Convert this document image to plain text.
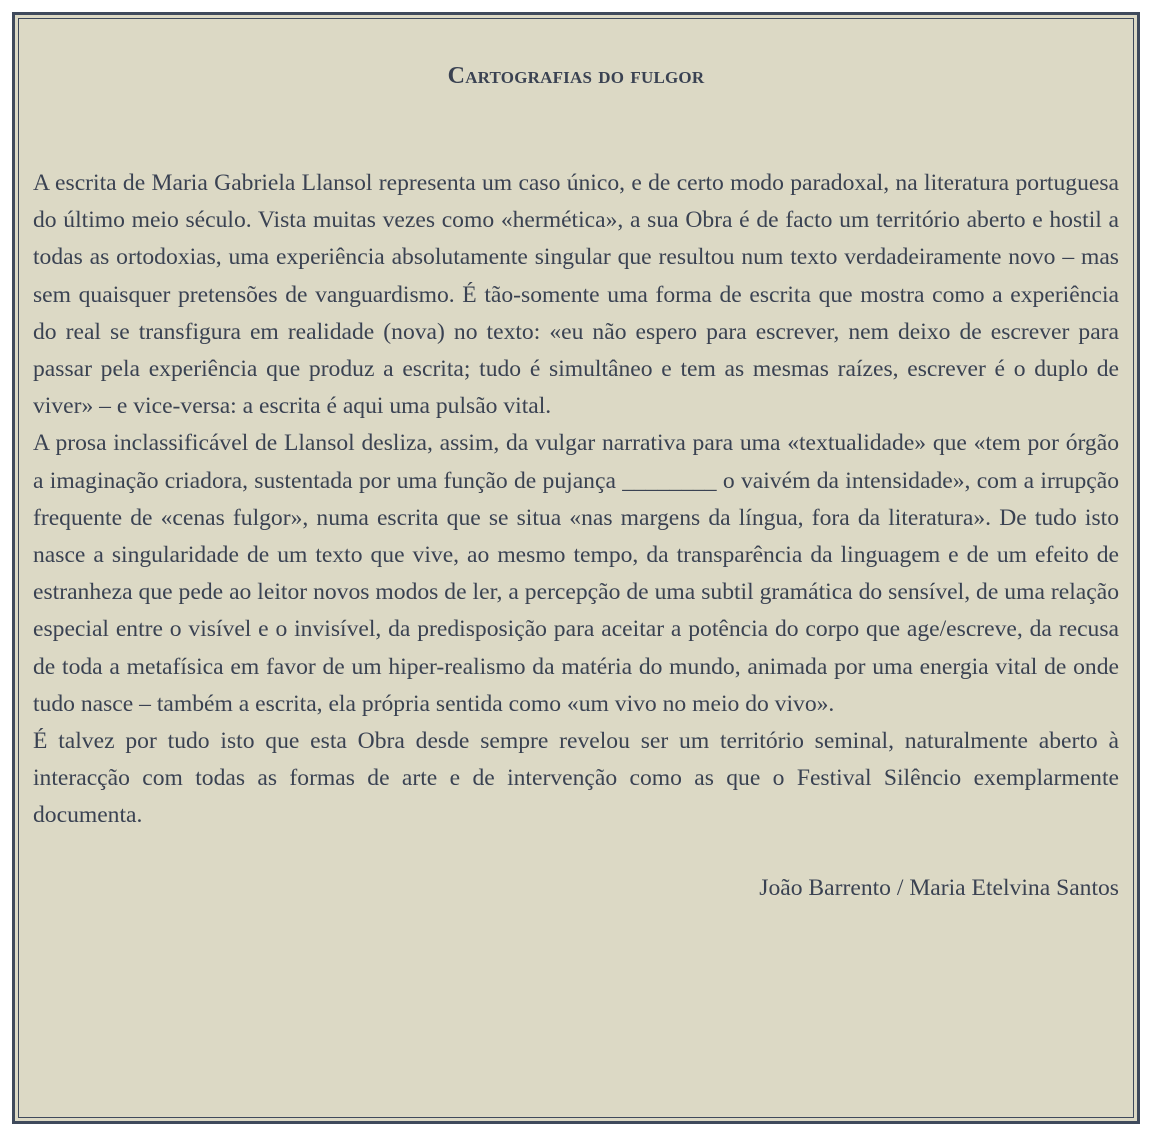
Cartografias do fulgor

A escrita de Maria Gabriela Llansol representa um caso único, e de certo modo paradoxal, na literatura portuguesa do último meio século. Vista muitas vezes como «hermética», a sua Obra é de facto um território aberto e hostil a todas as ortodoxias, uma experiência absolutamente singular que resultou num texto verdadeiramente novo – mas sem quaisquer pretensões de vanguardismo. É tão-somente uma forma de escrita que mostra como a experiência do real se transfigura em realidade (nova) no texto: «eu não espero para escrever, nem deixo de escrever para passar pela experiência que produz a escrita; tudo é simultâneo e tem as mesmas raízes, escrever é o duplo de viver» – e vice-versa: a escrita é aqui uma pulsão vital.

A prosa inclassificável de Llansol desliza, assim, da vulgar narrativa para uma «textualidade» que «tem por órgão a imaginação criadora, sustentada por uma função de pujança ________ o vaivém da intensidade», com a irrupção frequente de «cenas fulgor», numa escrita que se situa «nas margens da língua, fora da literatura». De tudo isto nasce a singularidade de um texto que vive, ao mesmo tempo, da transparência da linguagem e de um efeito de estranheza que pede ao leitor novos modos de ler, a percepção de uma subtil gramática do sensível, de uma relação especial entre o visível e o invisível, da predisposição para aceitar a potência do corpo que age/escreve, da recusa de toda a metafísica em favor de um hiper-realismo da matéria do mundo, animada por uma energia vital de onde tudo nasce – também a escrita, ela própria sentida como «um vivo no meio do vivo».

É talvez por tudo isto que esta Obra desde sempre revelou ser um território seminal, naturalmente aberto à interacção com todas as formas de arte e de intervenção como as que o Festival Silêncio exemplarmente documenta.

João Barrento / Maria Etelvina Santos
